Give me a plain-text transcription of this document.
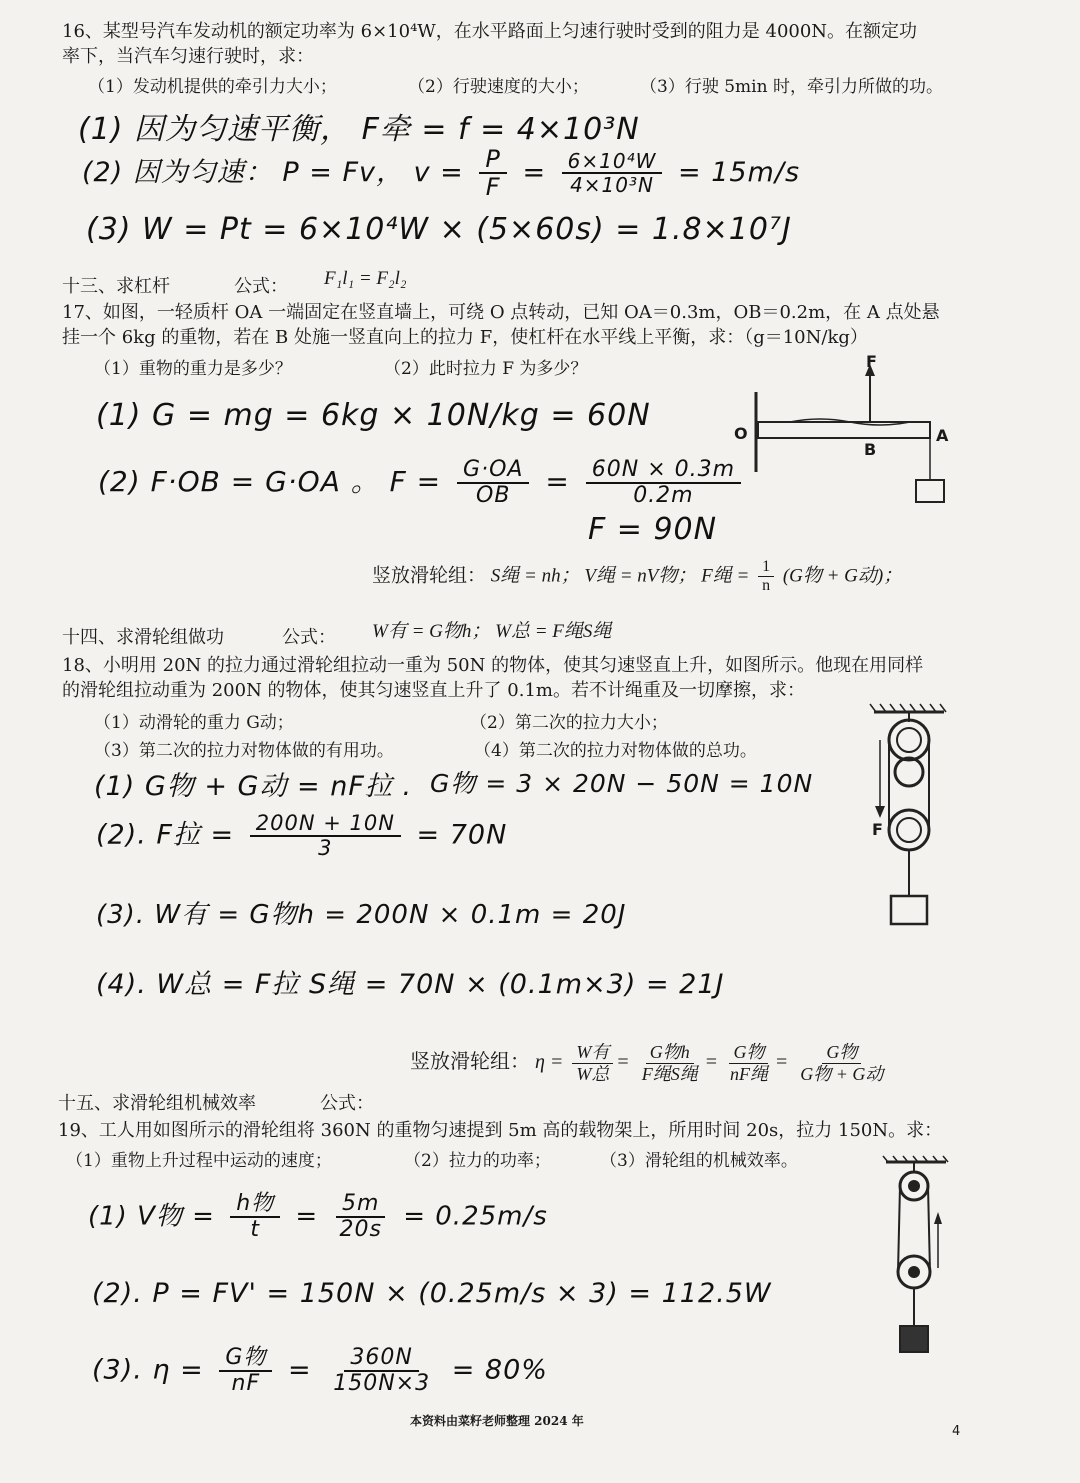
16、某型号汽车发动机的额定功率为 6×10⁴W，在水平路面上匀速行驶时受到的阻力是 4000N。在额定功
率下，当汽车匀速行驶时，求：
（1）发动机提供的牵引力大小；	（2）行驶速度的大小；	（3）行驶 5min 时，牵引力所做的功。
(1) 因为匀速平衡， F牵 = f = 4×10³N
(2) 因为匀速： P = Fv， $v = \frac{P}{F} = \frac{\text{6×10⁴W}}{\text{4×10³N}} = 15m/s$
(3) W = Pt = 6×10⁴W × (5×60s) = 1.8×10⁷J
十三、求杠杆	公式： F₁l₁ = F₂l₂
17、如图，一轻质杆 OA 一端固定在竖直墙上，可绕 O 点转动，已知 OA＝0.3m，OB＝0.2m，在 A 点处悬
挂一个 6kg 的重物，若在 B 处施一竖直向上的拉力 F，使杠杆在水平线上平衡，求：（g＝10N/kg）
（1）重物的重力是多少？	（2）此时拉力 F 为多少？
(1) G = mg = 6kg × 10N/kg = 60N
(2) F·OB = G·OA 。 $F = \frac{G\cdot OA}{OB} = \frac{60N \times 0.3m}{0.2m}$
F = 90N
F
O	A
B
竖放滑轮组： S绳 = nh； V绳 = nV物； F绳 = $\frac{1}{n} (G$物 + G动)；
十四、求滑轮组做功	公式： W有 = G物h； W总 = F绳S绳
18、小明用 20N 的拉力通过滑轮组拉动一重为 50N 的物体，使其匀速竖直上升，如图所示。他现在用同样
的滑轮组拉动重为 200N 的物体，使其匀速竖直上升了 0.1m。若不计绳重及一切摩擦，求：
（1）动滑轮的重力 G动；	（2）第二次的拉力大小；
（3）第二次的拉力对物体做的有用功。	（4）第二次的拉力对物体做的总功。
(1) G物 + G动 = nF拉 . G物 = 3 × 20N − 50N = 10N
(2). F拉 = $\frac{200N + 10N}{3} = 70N$
(3). W有 = G物h = 200N × 0.1m = 20J
(4). W总 = F拉 S绳 = 70N × (0.1m×3) = 21J
F
竖放滑轮组： $\eta = \frac{\text{W有}}{\text{W总}} = \frac{\text{G物h}}{\text{F绳S绳}} = \frac{\text{G物}}{\text{nF绳}} = \frac{\text{G物}}{\text{G物 + G动}}$
十五、求滑轮组机械效率	公式：
19、工人用如图所示的滑轮组将 360N 的重物匀速提到 5m 高的载物架上，所用时间 20s，拉力 150N。求：
（1）重物上升过程中运动的速度；	（2）拉力的功率；	（3）滑轮组的机械效率。
(1) V物 = $\frac{\text{h物}}{t} = \frac{5m}{20s} = 0.25m/s$
(2). P = FV' = 150N × (0.25m/s × 3) = 112.5W
(3). $\eta = \frac{\text{G物}}{nF} = \frac{360N}{150N\times 3} = 80\%$
本资料由菜籽老师整理 2024 年
4
